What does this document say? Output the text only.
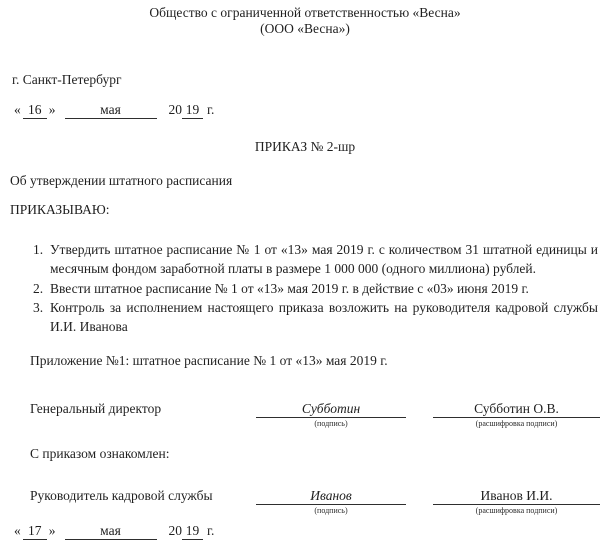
Общество с ограниченной ответственностью «Весна»
(ООО «Весна»)
г. Санкт-Петербург
« 16 »	мая	20 19 г.
ПРИКАЗ № 2-шр
Об утверждении штатного расписания
ПРИКАЗЫВАЮ:
1. Утвердить штатное расписание № 1 от «13» мая 2019 г. с количеством 31 штатной единицы и месячным фондом заработной платы в размере 1 000 000 (одного миллиона) рублей.
2. Ввести штатное расписание № 1 от «13» мая 2019 г. в действие с «03» июня 2019 г.
3. Контроль за исполнением настоящего приказа возложить на руководителя кадровой службы И.И. Иванова
Приложение №1: штатное расписание № 1 от «13» мая 2019 г.
Генеральный директор	Субботин
(подпись)
Субботин О.В.
(расшифровка подписи)
С приказом ознакомлен:
Руководитель кадровой службы	Иванов
(подпись)
Иванов И.И.
(расшифровка подписи)
« 17 »	мая	20 19 г.
